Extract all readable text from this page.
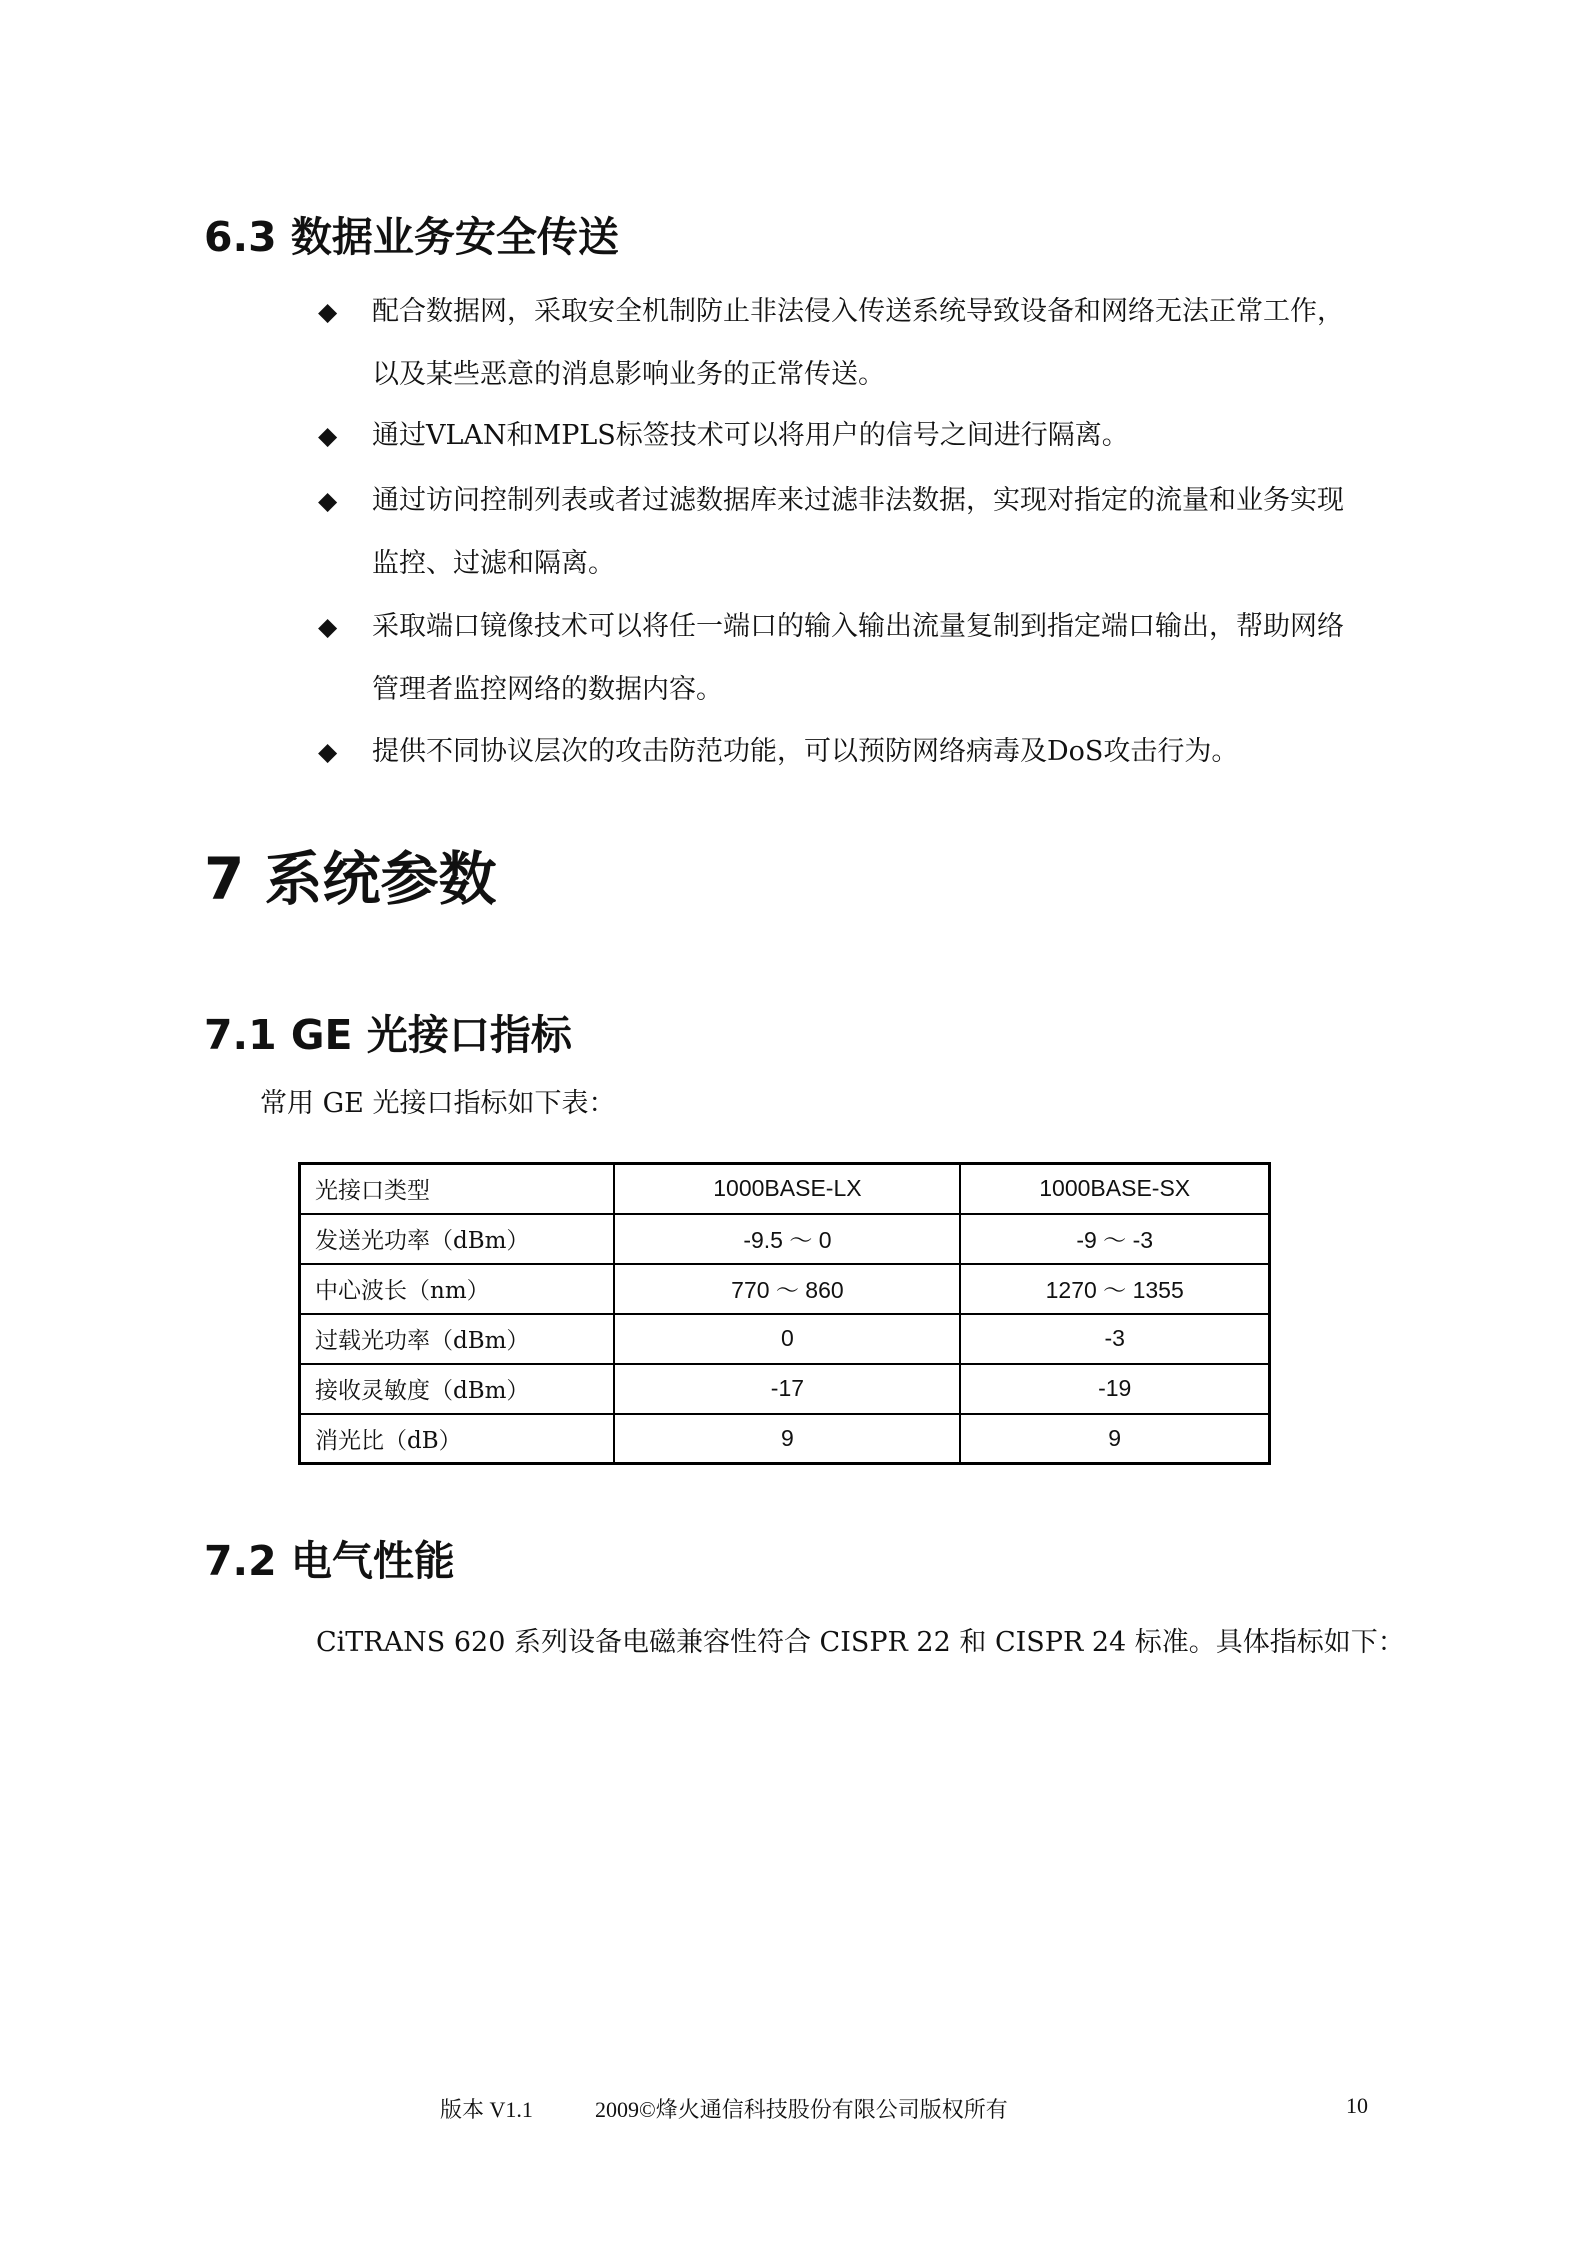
6.3 数据业务安全传送
◆ 配合数据网，采取安全机制防止非法侵入传送系统导致设备和网络无法正常工作，
以及某些恶意的消息影响业务的正常传送。
◆ 通过VLAN和MPLS标签技术可以将用户的信号之间进行隔离。
◆ 通过访问控制列表或者过滤数据库来过滤非法数据，实现对指定的流量和业务实现
监控、过滤和隔离。
◆ 采取端口镜像技术可以将任一端口的输入输出流量复制到指定端口输出，帮助网络
管理者监控网络的数据内容。
◆ 提供不同协议层次的攻击防范功能，可以预防网络病毒及DoS攻击行为。
7 系统参数
7.1 GE 光接口指标
常用 GE 光接口指标如下表：
光接口类型	1000BASE-LX	1000BASE-SX
发送光功率（dBm）	-9.5 ～ 0	-9 ～ -3
中心波长（nm）	770 ～ 860	1270 ～ 1355
过载光功率（dBm）	0	-3
接收灵敏度（dBm）	-17	-19
消光比（dB）	9	9
7.2 电气性能
CiTRANS 620 系列设备电磁兼容性符合 CISPR 22 和 CISPR 24 标准。具体指标如下：
版本 V1.1	2009©烽火通信科技股份有限公司版权所有	10
